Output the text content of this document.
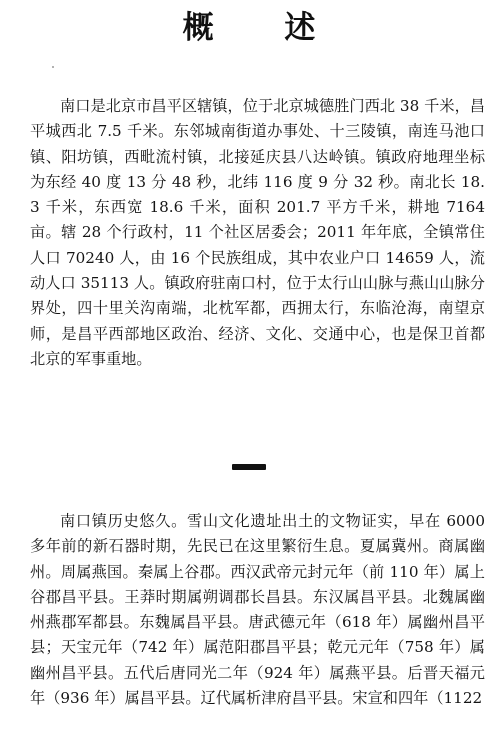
概 述

南口是北京市昌平区辖镇，位于北京城德胜门西北 38 千米，昌平城西北 7.5 千米。东邻城南街道办事处、十三陵镇，南连马池口镇、阳坊镇，西毗流村镇，北接延庆县八达岭镇。镇政府地理坐标为东经 40 度 13 分 48 秒，北纬 116 度 9 分 32 秒。南北长 18.3 千米，东西宽 18.6 千米，面积 201.7 平方千米，耕地 7164 亩。辖 28 个行政村，11 个社区居委会；2011 年年底，全镇常住人口 70240 人，由 16 个民族组成，其中农业户口 14659 人，流动人口 35113 人。镇政府驻南口村，位于太行山山脉与燕山山脉分界处，四十里关沟南端，北枕军都，西拥太行，东临沧海，南望京师，是昌平西部地区政治、经济、文化、交通中心，也是保卫首都北京的军事重地。

南口镇历史悠久。雪山文化遗址出土的文物证实，早在 6000 多年前的新石器时期，先民已在这里繁衍生息。夏属冀州。商属幽州。周属燕国。秦属上谷郡。西汉武帝元封元年（前 110 年）属上谷郡昌平县。王莽时期属朔调郡长昌县。东汉属昌平县。北魏属幽州燕郡军都县。东魏属昌平县。唐武德元年（618 年）属幽州昌平县；天宝元年（742 年）属范阳郡昌平县；乾元元年（758 年）属幽州昌平县。五代后唐同光二年（924 年）属燕平县。后晋天福元年（936 年）属昌平县。辽代属析津府昌平县。宋宣和四年（1122
